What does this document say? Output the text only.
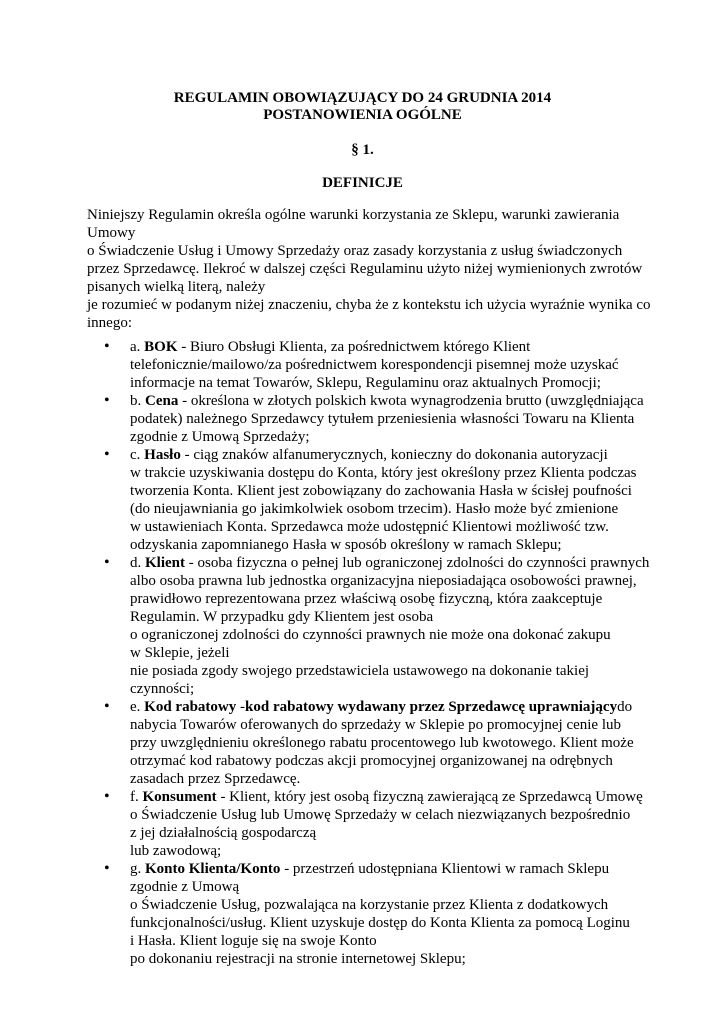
REGULAMIN OBOWIĄZUJĄCY DO 24 GRUDNIA 2014
POSTANOWIENIA OGÓLNE
§ 1.
DEFINICJE
Niniejszy Regulamin określa ogólne warunki korzystania ze Sklepu, warunki zawierania
Umowy
o Świadczenie Usług i Umowy Sprzedaży oraz zasady korzystania z usług świadczonych
przez Sprzedawcę. Ilekroć w dalszej części Regulaminu użyto niżej wymienionych zwrotów
pisanych wielką literą, należy
je rozumieć w podanym niżej znaczeniu, chyba że z kontekstu ich użycia wyraźnie wynika co
innego:
• a. BOK - Biuro Obsługi Klienta, za pośrednictwem którego Klient
telefonicznie/mailowo/za pośrednictwem korespondencji pisemnej może uzyskać
informacje na temat Towarów, Sklepu, Regulaminu oraz aktualnych Promocji;
• b. Cena - określona w złotych polskich kwota wynagrodzenia brutto (uwzględniająca
podatek) należnego Sprzedawcy tytułem przeniesienia własności Towaru na Klienta
zgodnie z Umową Sprzedaży;
• c. Hasło - ciąg znaków alfanumerycznych, konieczny do dokonania autoryzacji
w trakcie uzyskiwania dostępu do Konta, który jest określony przez Klienta podczas
tworzenia Konta. Klient jest zobowiązany do zachowania Hasła w ścisłej poufności
(do nieujawniania go jakimkolwiek osobom trzecim). Hasło może być zmienione
w ustawieniach Konta. Sprzedawca może udostępnić Klientowi możliwość tzw.
odzyskania zapomnianego Hasła w sposób określony w ramach Sklepu;
• d. Klient - osoba fizyczna o pełnej lub ograniczonej zdolności do czynności prawnych
albo osoba prawna lub jednostka organizacyjna nieposiadająca osobowości prawnej,
prawidłowo reprezentowana przez właściwą osobę fizyczną, która zaakceptuje
Regulamin. W przypadku gdy Klientem jest osoba
o ograniczonej zdolności do czynności prawnych nie może ona dokonać zakupu
w Sklepie, jeżeli
nie posiada zgody swojego przedstawiciela ustawowego na dokonanie takiej
czynności;
• e. Kod rabatowy -kod rabatowy wydawany przez Sprzedawcę uprawniającydo
nabycia Towarów oferowanych do sprzedaży w Sklepie po promocyjnej cenie lub
przy uwzględnieniu określonego rabatu procentowego lub kwotowego. Klient może
otrzymać kod rabatowy podczas akcji promocyjnej organizowanej na odrębnych
zasadach przez Sprzedawcę.
• f. Konsument - Klient, który jest osobą fizyczną zawierającą ze Sprzedawcą Umowę
o Świadczenie Usług lub Umowę Sprzedaży w celach niezwiązanych bezpośrednio
z jej działalnością gospodarczą
lub zawodową;
• g. Konto Klienta/Konto - przestrzeń udostępniana Klientowi w ramach Sklepu
zgodnie z Umową
o Świadczenie Usług, pozwalająca na korzystanie przez Klienta z dodatkowych
funkcjonalności/usług. Klient uzyskuje dostęp do Konta Klienta za pomocą Loginu
i Hasła. Klient loguje się na swoje Konto
po dokonaniu rejestracji na stronie internetowej Sklepu;
